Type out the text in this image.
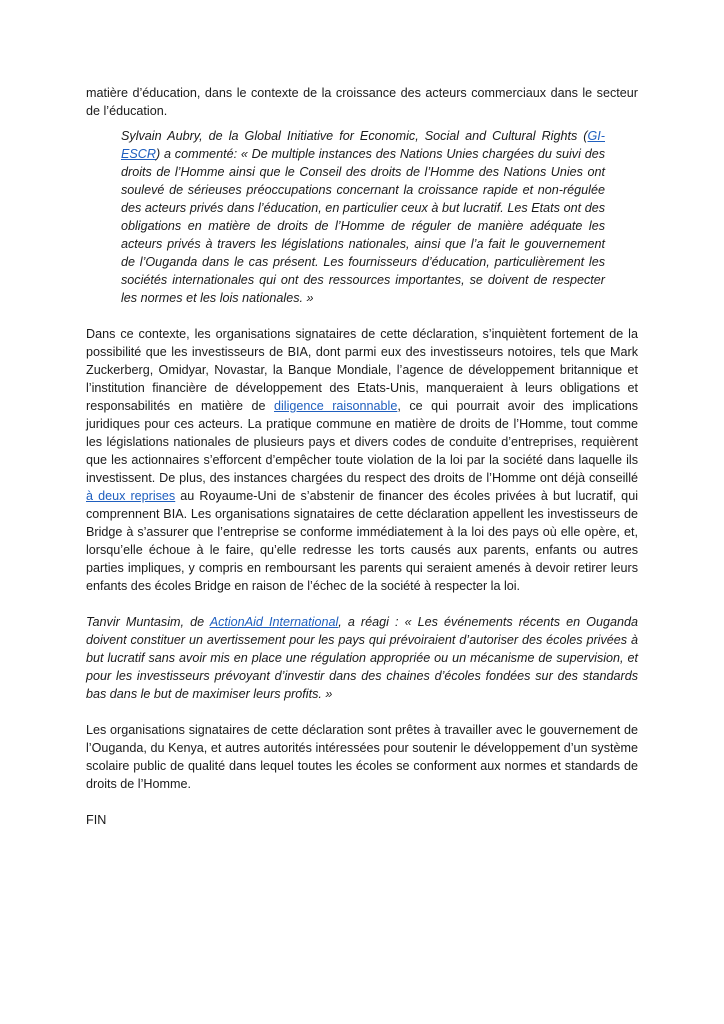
matière d’éducation, dans le contexte de la croissance des acteurs commerciaux dans le secteur de l’éducation.

Sylvain Aubry, de la Global Initiative for Economic, Social and Cultural Rights (GI-ESCR) a commenté: « De multiple instances des Nations Unies chargées du suivi des droits de l’Homme ainsi que le Conseil des droits de l’Homme des Nations Unies ont soulevé de sérieuses préoccupations concernant la croissance rapide et non-régulée des acteurs privés dans l’éducation, en particulier ceux à but lucratif. Les Etats ont des obligations en matière de droits de l’Homme de réguler de manière adéquate les acteurs privés à travers les législations nationales, ainsi que l’a fait le gouvernement de l’Ouganda dans le cas présent. Les fournisseurs d’éducation, particulièrement les sociétés internationales qui ont des ressources importantes, se doivent de respecter les normes et les lois nationales. »

Dans ce contexte, les organisations signataires de cette déclaration, s’inquiètent fortement de la possibilité que les investisseurs de BIA, dont parmi eux des investisseurs notoires, tels que Mark Zuckerberg, Omidyar, Novastar, la Banque Mondiale, l’agence de développement britannique et l’institution financière de développement des Etats-Unis, manqueraient à leurs obligations et responsabilités en matière de diligence raisonnable, ce qui pourrait avoir des implications juridiques pour ces acteurs. La pratique commune en matière de droits de l’Homme, tout comme les législations nationales de plusieurs pays et divers codes de conduite d’entreprises, requièrent que les actionnaires s’efforcent d’empêcher toute violation de la loi par la société dans laquelle ils investissent. De plus, des instances chargées du respect des droits de l’Homme ont déjà conseillé à deux reprises au Royaume-Uni de s’abstenir de financer des écoles privées à but lucratif, qui comprennent BIA. Les organisations signataires de cette déclaration appellent les investisseurs de Bridge à s’assurer que l’entreprise se conforme immédiatement à la loi des pays où elle opère, et, lorsqu’elle échoue à le faire, qu’elle redresse les torts causés aux parents, enfants ou autres parties impliques, y compris en remboursant les parents qui seraient amenés à devoir retirer leurs enfants des écoles Bridge en raison de l’échec de la société à respecter la loi.

Tanvir Muntasim, de ActionAid International, a réagi : « Les événements récents en Ouganda doivent constituer un avertissement pour les pays qui prévoiraient d’autoriser des écoles privées à but lucratif sans avoir mis en place une régulation appropriée ou un mécanisme de supervision, et pour les investisseurs prévoyant d’investir dans des chaines d’écoles fondées sur des standards bas dans le but de maximiser leurs profits. »

Les organisations signataires de cette déclaration sont prêtes à travailler avec le gouvernement de l’Ouganda, du Kenya, et autres autorités intéressées pour soutenir le développement d’un système scolaire public de qualité dans lequel toutes les écoles se conforment aux normes et standards de droits de l’Homme.

FIN
